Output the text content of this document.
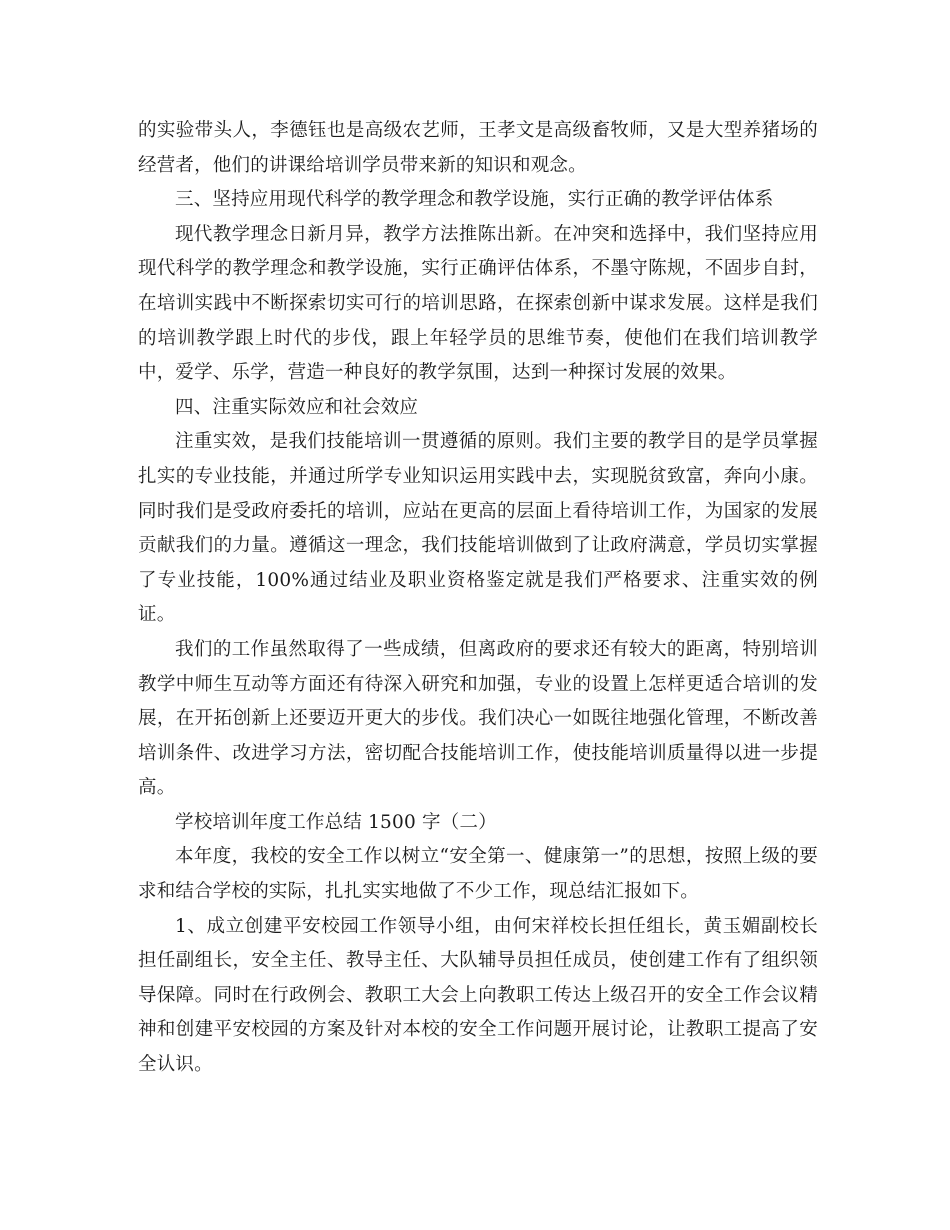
的实验带头人，李德钰也是高级农艺师，王孝文是高级畜牧师，又是大型养猪场的经营者，他们的讲课给培训学员带来新的知识和观念。

三、坚持应用现代科学的教学理念和教学设施，实行正确的教学评估体系

现代教学理念日新月异，教学方法推陈出新。在冲突和选择中，我们坚持应用现代科学的教学理念和教学设施，实行正确评估体系，不墨守陈规，不固步自封，在培训实践中不断探索切实可行的培训思路，在探索创新中谋求发展。这样是我们的培训教学跟上时代的步伐，跟上年轻学员的思维节奏，使他们在我们培训教学中，爱学、乐学，营造一种良好的教学氛围，达到一种探讨发展的效果。

四、注重实际效应和社会效应

注重实效，是我们技能培训一贯遵循的原则。我们主要的教学目的是学员掌握扎实的专业技能，并通过所学专业知识运用实践中去，实现脱贫致富，奔向小康。同时我们是受政府委托的培训，应站在更高的层面上看待培训工作，为国家的发展贡献我们的力量。遵循这一理念，我们技能培训做到了让政府满意，学员切实掌握了专业技能，100%通过结业及职业资格鉴定就是我们严格要求、注重实效的例证。

我们的工作虽然取得了一些成绩，但离政府的要求还有较大的距离，特别培训教学中师生互动等方面还有待深入研究和加强，专业的设置上怎样更适合培训的发展，在开拓创新上还要迈开更大的步伐。我们决心一如既往地强化管理，不断改善培训条件、改进学习方法，密切配合技能培训工作，使技能培训质量得以进一步提高。

学校培训年度工作总结 1500 字（二）

本年度，我校的安全工作以树立“安全第一、健康第一”的思想，按照上级的要求和结合学校的实际，扎扎实实地做了不少工作，现总结汇报如下。

1、成立创建平安校园工作领导小组，由何宋祥校长担任组长，黄玉媚副校长担任副组长，安全主任、教导主任、大队辅导员担任成员，使创建工作有了组织领导保障。同时在行政例会、教职工大会上向教职工传达上级召开的安全工作会议精神和创建平安校园的方案及针对本校的安全工作问题开展讨论，让教职工提高了安全认识。
